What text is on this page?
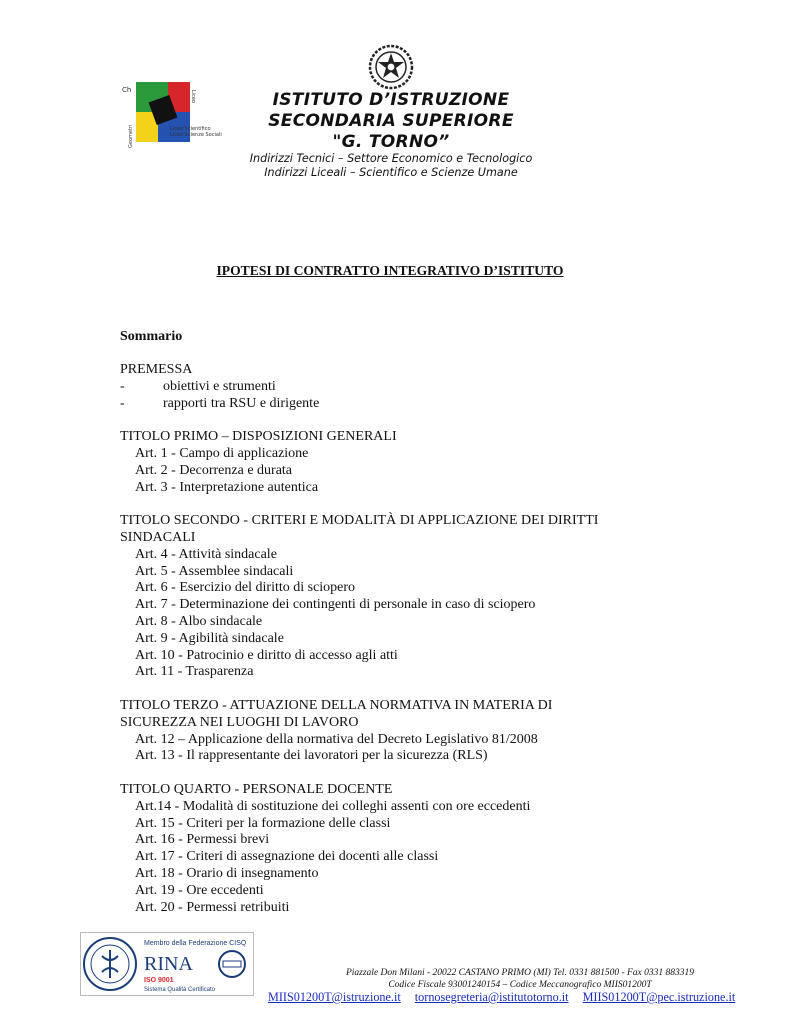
Ch	Liceo
Liceo Scientifico
Liceo Scienze Sociali
Geometri
ISTITUTO D’ISTRUZIONE
SECONDARIA SUPERIORE
"G. TORNO”
Indirizzi Tecnici – Settore Economico e Tecnologico
Indirizzi Liceali – Scientifico e Scienze Umane
IPOTESI DI CONTRATTO INTEGRATIVO D’ISTITUTO
Sommario
PREMESSA
-	obiettivi e strumenti
-	rapporti tra RSU e dirigente
TITOLO PRIMO – DISPOSIZIONI GENERALI
Art. 1 - Campo di applicazione
Art. 2 - Decorrenza e durata
Art. 3 - Interpretazione autentica
TITOLO SECONDO - CRITERI E MODALITÀ DI APPLICAZIONE DEI DIRITTI
SINDACALI
Art. 4 - Attività sindacale
Art. 5 - Assemblee sindacali
Art. 6 - Esercizio del diritto di sciopero
Art. 7 - Determinazione dei contingenti di personale in caso di sciopero
Art. 8 - Albo sindacale
Art. 9 - Agibilità sindacale
Art. 10 - Patrocinio e diritto di accesso agli atti
Art. 11 - Trasparenza
TITOLO TERZO - ATTUAZIONE DELLA NORMATIVA IN MATERIA DI
SICUREZZA NEI LUOGHI DI LAVORO
Art. 12 – Applicazione della normativa del Decreto Legislativo 81/2008
Art. 13 - Il rappresentante dei lavoratori per la sicurezza (RLS)
TITOLO QUARTO - PERSONALE DOCENTE
Art.14 - Modalità di sostituzione dei colleghi assenti con ore eccedenti
Art. 15 - Criteri per la formazione delle classi
Art. 16 - Permessi brevi
Art. 17 - Criteri di assegnazione dei docenti alle classi
Art. 18 - Orario di insegnamento
Art. 19 - Ore eccedenti
Art. 20 - Permessi retribuiti
Membro della Federazione CISQ
RINA
ISO 9001
Sistema Qualità Certificato
Piazzale Don Milani - 20022 CASTANO PRIMO (MI) Tel. 0331 881500 - Fax 0331 883319
Codice Fiscale 93001240154 – Codice Meccanografico MIIS01200T
MIIS01200T@istruzione.it tornosegreteria@istitutotorno.it MIIS01200T@pec.istruzione.it
